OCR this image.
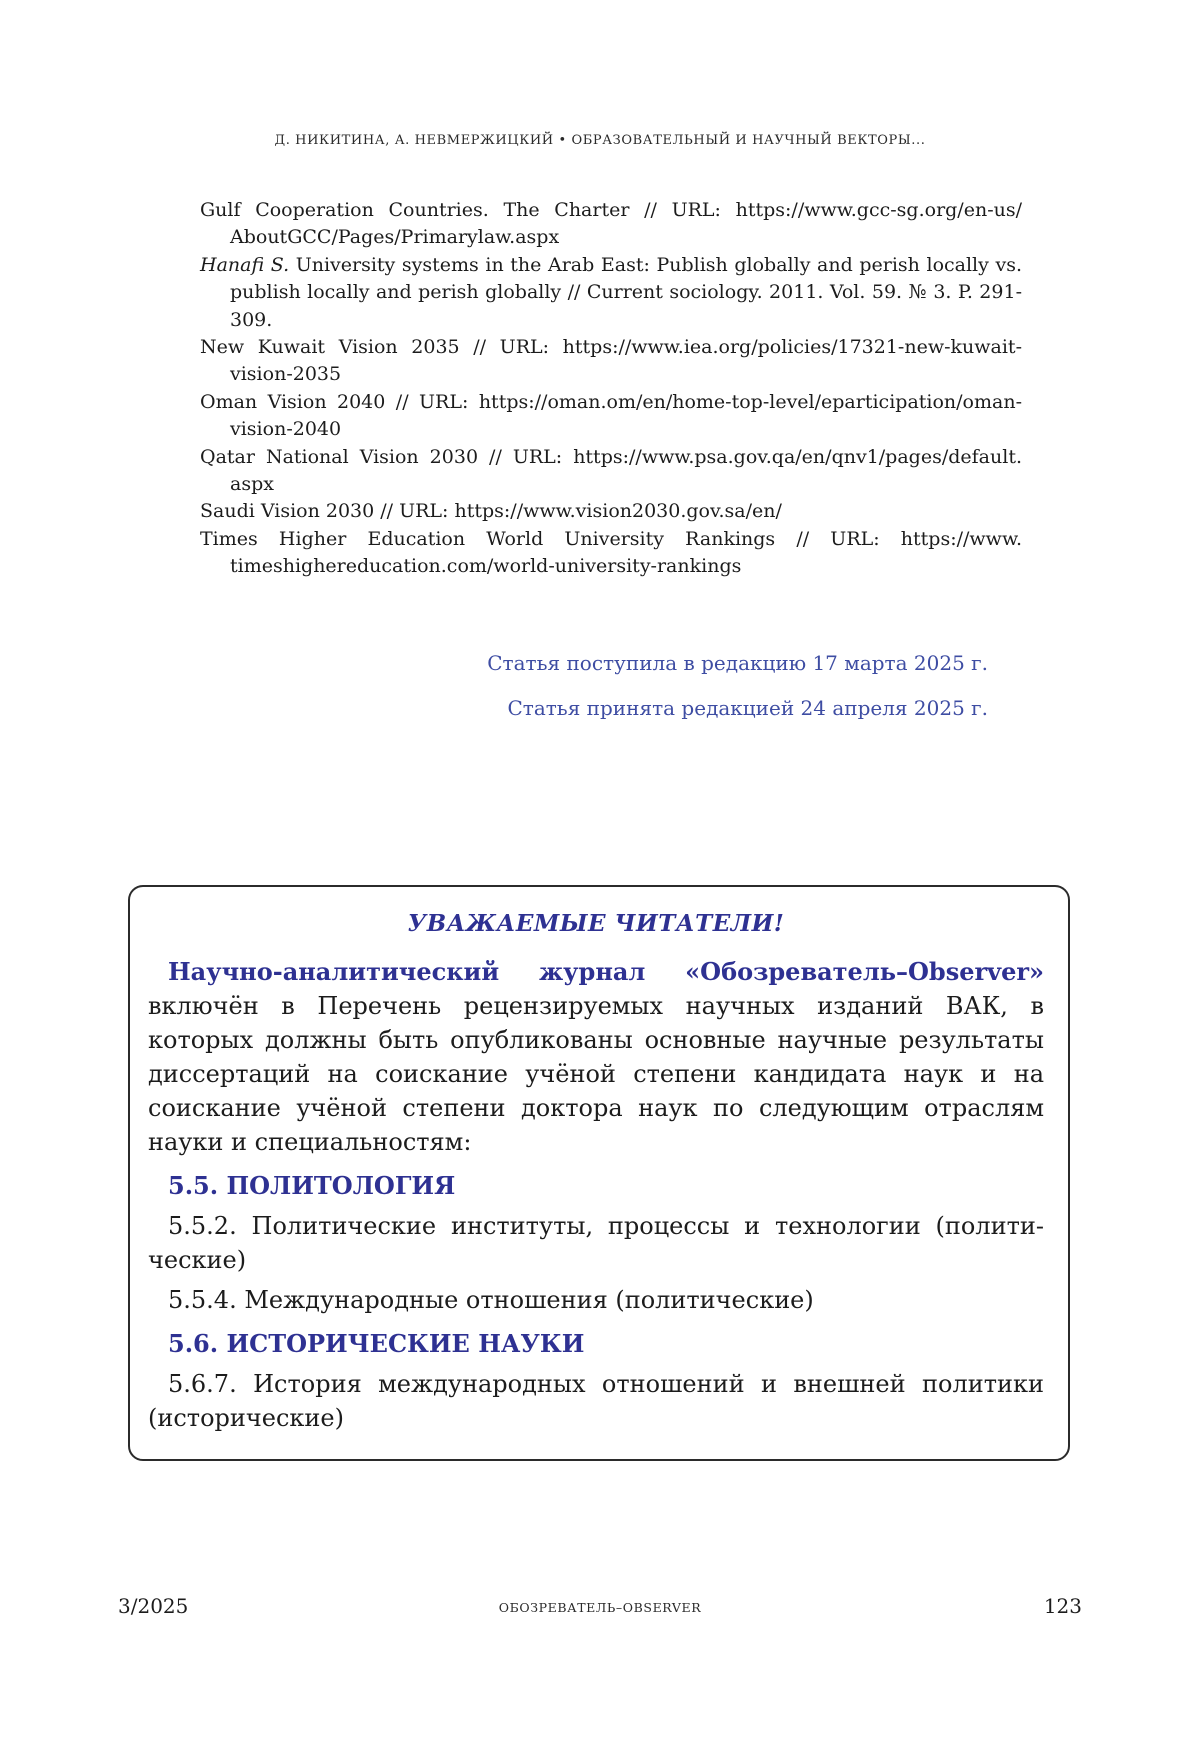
Д. НИКИТИНА, А. НЕВМЕРЖИЦКИЙ • ОБРАЗОВАТЕЛЬНЫЙ И НАУЧНЫЙ ВЕКТОРЫ...
Gulf Cooperation Countries. The Charter // URL: https://www.gcc-sg.org/en-us/​AboutGCC/Pages/Primarylaw.aspx
Hanafi S. University systems in the Arab East: Publish globally and perish locally vs. publish locally and perish globally // Current sociology. 2011. Vol. 59. № 3. P. 291-309.
New Kuwait Vision 2035 // URL: https://www.iea.org/policies/17321-new-kuwait-vision-2035
Oman Vision 2040 // URL: https://oman.om/en/home-top-level/eparticipation/oman-vision-2040
Qatar National Vision 2030 // URL: https://www.psa.gov.qa/en/qnv1/pages/default.​aspx
Saudi Vision 2030 // URL: https://www.vision2030.gov.sa/en/
Times Higher Education World University Rankings // URL: https://www.​timeshighereducation.com/world-university-rankings
Статья поступила в редакцию 17 марта 2025 г.
Статья принята редакцией 24 апреля 2025 г.
УВАЖАЕМЫЕ ЧИТАТЕЛИ!

Научно-аналитический журнал «Обозреватель–Observer» включён в Перечень рецензируемых научных изданий ВАК, в которых должны быть опубликованы основные научные результаты диссертаций на соискание учёной степени кандидата наук и на соискание учёной степени доктора наук по следующим отраслям науки и специальностям:

5.5. ПОЛИТОЛОГИЯ

5.5.2. Политические институты, процессы и технологии (политические)

5.5.4. Международные отношения (политические)

5.6. ИСТОРИЧЕСКИЕ НАУКИ

5.6.7. История международных отношений и внешней политики (исторические)

3/2025	ОБОЗРЕВАТЕЛЬ–OBSERVER	123
